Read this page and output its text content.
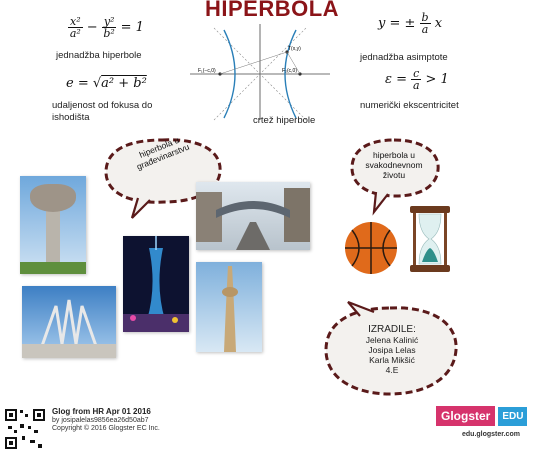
HIPERBOLA
$\frac{\text{x²}}{\text{a²}} - \frac{\text{y²}}{\text{b²}} = 1$
jednadžba hiperbole
e = √a² + b²
udaljenost od fokusa do ishodišta
y = ± $\frac{b}{a}$ x
jednadžba asimptote
$\varepsilon = \frac{c}{a} > 1$
numerički ekscentricitet
T(x,y)
F₁(−c,0)	F₂(c,0)
crtež hiperbole
hiperbola u građevinarstvu	hiperbola u svakodnevnom životu
IZRADILE:
Jelena Kalinić
Josipa Lelas
Karla Mikšić
4.E
Glog from HR Apr 01 2016
by josipalelas9856ea26d50ab7
Copyright © 2016 Glogster EC Inc.
Glogster	EDU
edu.glogster.com
